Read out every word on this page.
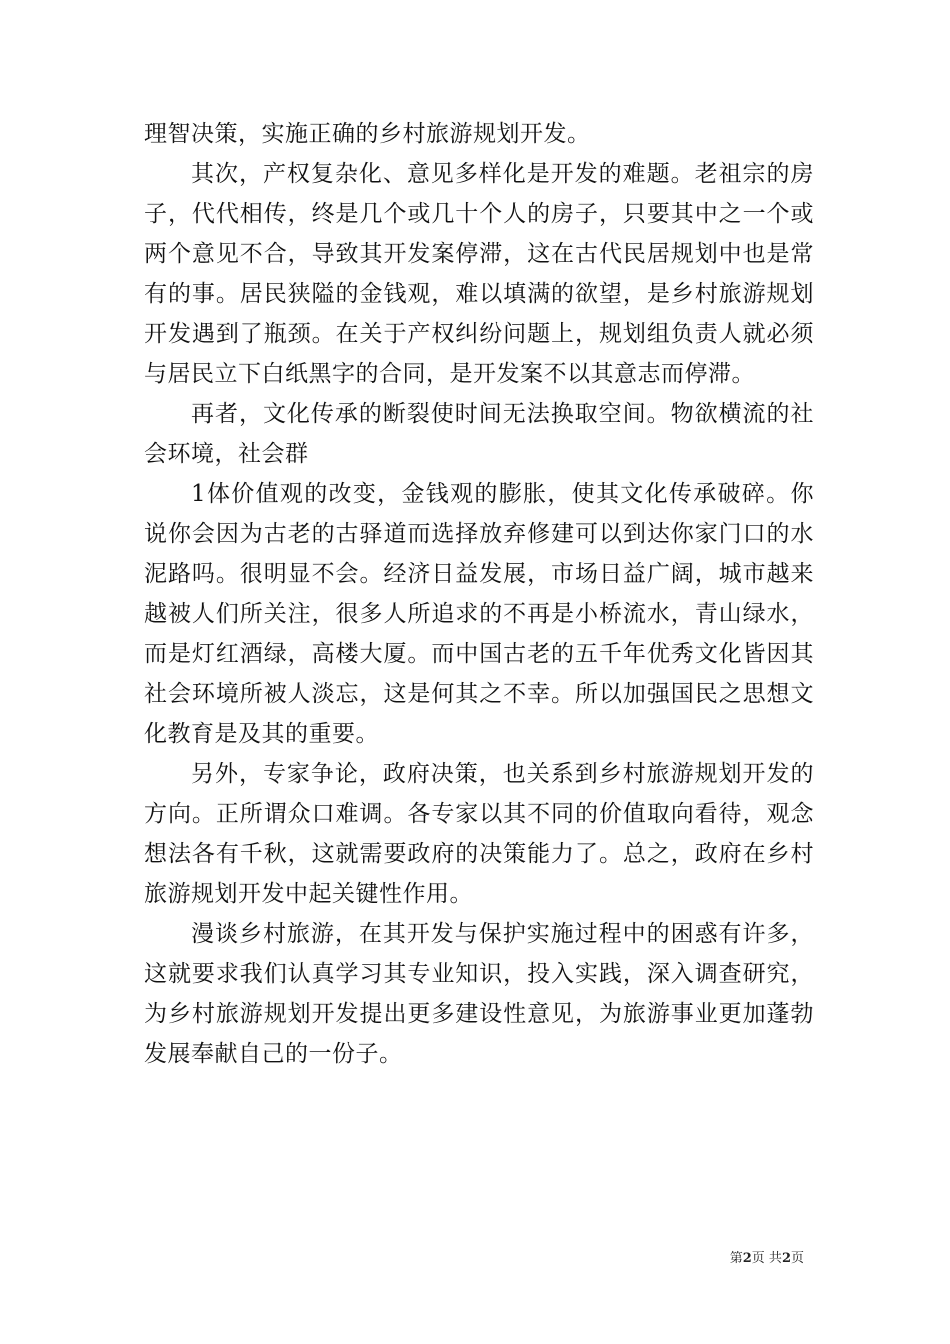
理智决策，实施正确的乡村旅游规划开发。

其次，产权复杂化、意见多样化是开发的难题。老祖宗的房子，代代相传，终是几个或几十个人的房子，只要其中之一个或两个意见不合，导致其开发案停滞，这在古代民居规划中也是常有的事。居民狭隘的金钱观，难以填满的欲望，是乡村旅游规划开发遇到了瓶颈。在关于产权纠纷问题上，规划组负责人就必须与居民立下白纸黑字的合同，是开发案不以其意志而停滞。

再者，文化传承的断裂使时间无法换取空间。物欲横流的社会环境，社会群

1体价值观的改变，金钱观的膨胀，使其文化传承破碎。你说你会因为古老的古驿道而选择放弃修建可以到达你家门口的水泥路吗。很明显不会。经济日益发展，市场日益广阔，城市越来越被人们所关注，很多人所追求的不再是小桥流水，青山绿水，而是灯红酒绿，高楼大厦。而中国古老的五千年优秀文化皆因其社会环境所被人淡忘，这是何其之不幸。所以加强国民之思想文化教育是及其的重要。

另外，专家争论，政府决策，也关系到乡村旅游规划开发的方向。正所谓众口难调。各专家以其不同的价值取向看待，观念想法各有千秋，这就需要政府的决策能力了。总之，政府在乡村旅游规划开发中起关键性作用。

漫谈乡村旅游，在其开发与保护实施过程中的困惑有许多，这就要求我们认真学习其专业知识，投入实践，深入调查研究，为乡村旅游规划开发提出更多建设性意见，为旅游事业更加蓬勃发展奉献自己的一份子。

第2页 共2页
